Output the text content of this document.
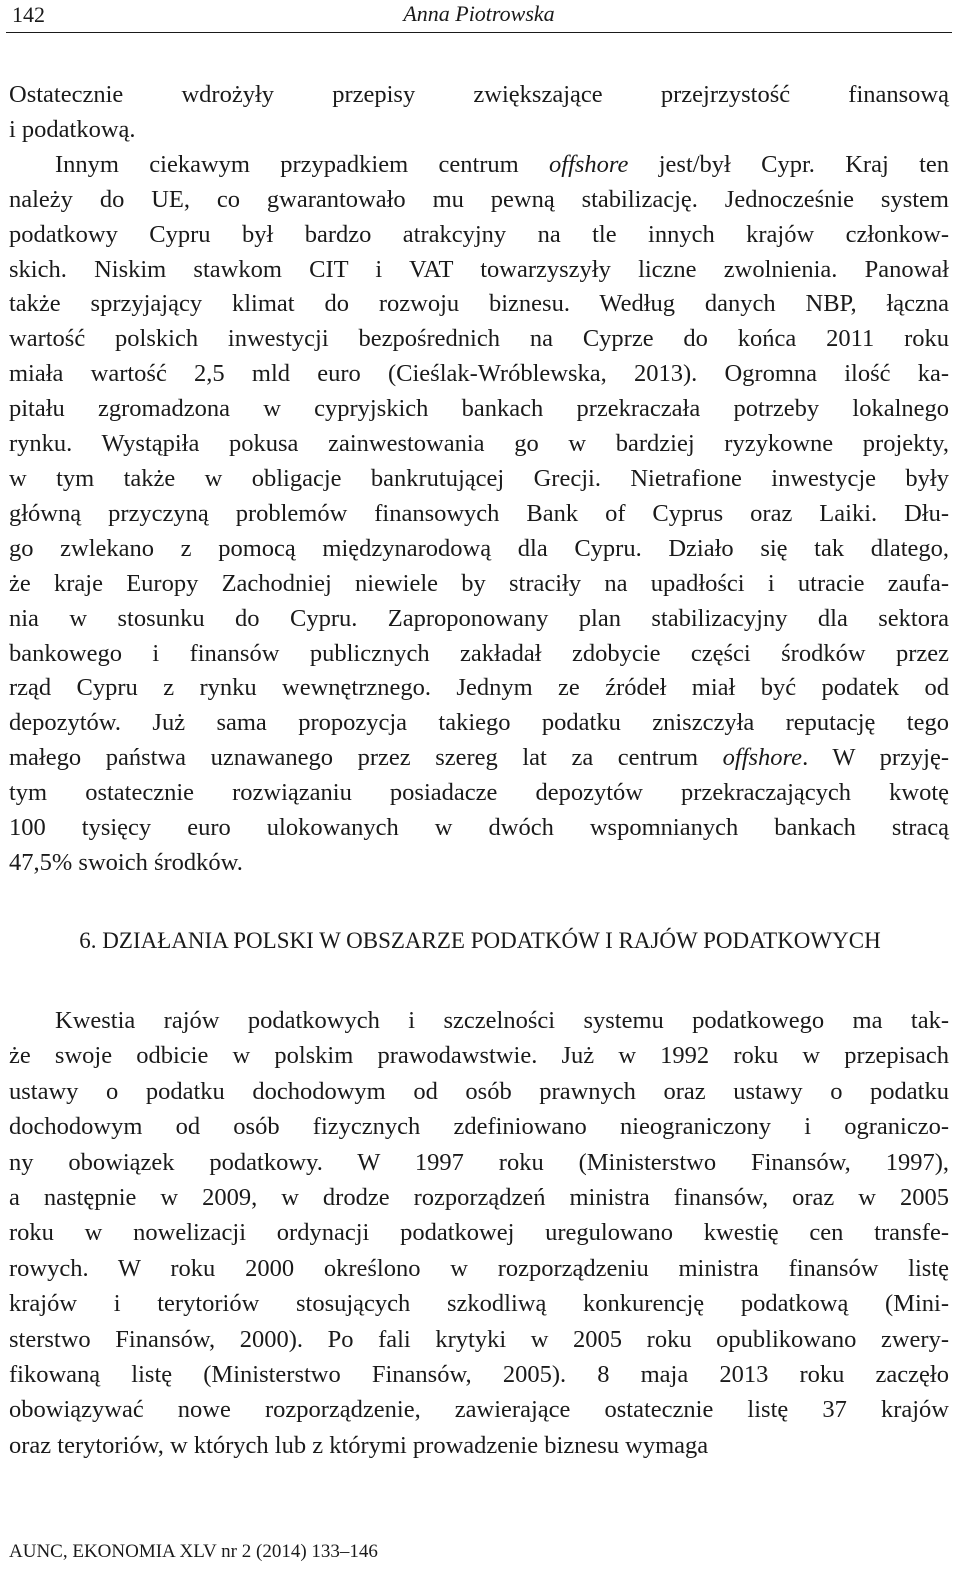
142	Anna Piotrowska

Ostatecznie wdrożyły przepisy zwiększające przejrzystość finansową
i podatkową.
Innym ciekawym przypadkiem centrum offshore jest/był Cypr. Kraj ten
należy do UE, co gwarantowało mu pewną stabilizację. Jednocześnie system
podatkowy Cypru był bardzo atrakcyjny na tle innych krajów członkow-
skich. Niskim stawkom CIT i VAT towarzyszyły liczne zwolnienia. Panował
także sprzyjający klimat do rozwoju biznesu. Według danych NBP, łączna
wartość polskich inwestycji bezpośrednich na Cyprze do końca 2011 roku
miała wartość 2,5 mld euro (Cieślak-Wróblewska, 2013). Ogromna ilość ka-
pitału zgromadzona w cypryjskich bankach przekraczała potrzeby lokalnego
rynku. Wystąpiła pokusa zainwestowania go w bardziej ryzykowne projekty,
w tym także w obligacje bankrutującej Grecji. Nietrafione inwestycje były
główną przyczyną problemów finansowych Bank of Cyprus oraz Laiki. Dłu-
go zwlekano z pomocą międzynarodową dla Cypru. Działo się tak dlatego,
że kraje Europy Zachodniej niewiele by straciły na upadłości i utracie zaufa-
nia w stosunku do Cypru. Zaproponowany plan stabilizacyjny dla sektora
bankowego i finansów publicznych zakładał zdobycie części środków przez
rząd Cypru z rynku wewnętrznego. Jednym ze źródeł miał być podatek od
depozytów. Już sama propozycja takiego podatku zniszczyła reputację tego
małego państwa uznawanego przez szereg lat za centrum offshore. W przyję-
tym ostatecznie rozwiązaniu posiadacze depozytów przekraczających kwotę
100 tysięcy euro ulokowanych w dwóch wspomnianych bankach stracą
47,5% swoich środków.

6. DZIAŁANIA POLSKI W OBSZARZE PODATKÓW I RAJÓW PODATKOWYCH

Kwestia rajów podatkowych i szczelności systemu podatkowego ma tak-
że swoje odbicie w polskim prawodawstwie. Już w 1992 roku w przepisach
ustawy o podatku dochodowym od osób prawnych oraz ustawy o podatku
dochodowym od osób fizycznych zdefiniowano nieograniczony i ograniczo-
ny obowiązek podatkowy. W 1997 roku (Ministerstwo Finansów, 1997),
a następnie w 2009, w drodze rozporządzeń ministra finansów, oraz w 2005
roku w nowelizacji ordynacji podatkowej uregulowano kwestię cen transfe-
rowych. W roku 2000 określono w rozporządzeniu ministra finansów listę
krajów i terytoriów stosujących szkodliwą konkurencję podatkową (Mini-
sterstwo Finansów, 2000). Po fali krytyki w 2005 roku opublikowano zwery-
fikowaną listę (Ministerstwo Finansów, 2005). 8 maja 2013 roku zaczęło
obowiązywać nowe rozporządzenie, zawierające ostatecznie listę 37 krajów
oraz terytoriów, w których lub z którymi prowadzenie biznesu wymaga

AUNC, EKONOMIA XLV nr 2 (2014) 133–146
